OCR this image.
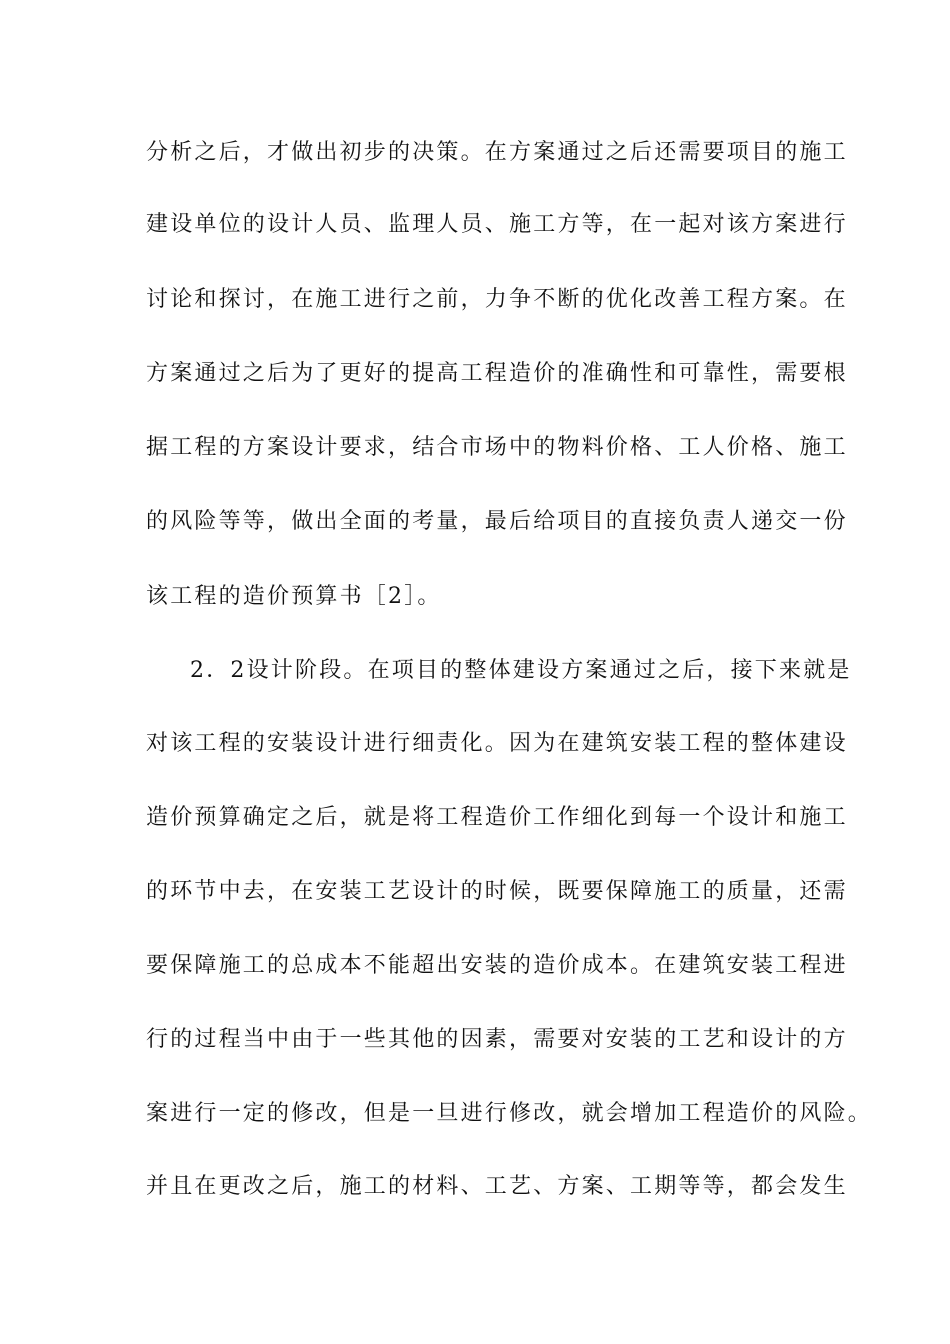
分析之后，才做出初步的决策。在方案通过之后还需要项目的施工
建设单位的设计人员、监理人员、施工方等，在一起对该方案进行
讨论和探讨，在施工进行之前，力争不断的优化改善工程方案。在
方案通过之后为了更好的提高工程造价的准确性和可靠性，需要根
据工程的方案设计要求，结合市场中的物料价格、工人价格、施工
的风险等等，做出全面的考量，最后给项目的直接负责人递交一份
该工程的造价预算书［2］。
2．2设计阶段。在项目的整体建设方案通过之后，接下来就是
对该工程的安装设计进行细责化。因为在建筑安装工程的整体建设
造价预算确定之后，就是将工程造价工作细化到每一个设计和施工
的环节中去，在安装工艺设计的时候，既要保障施工的质量，还需
要保障施工的总成本不能超出安装的造价成本。在建筑安装工程进
行的过程当中由于一些其他的因素，需要对安装的工艺和设计的方
案进行一定的修改，但是一旦进行修改，就会增加工程造价的风险。
并且在更改之后，施工的材料、工艺、方案、工期等等，都会发生
